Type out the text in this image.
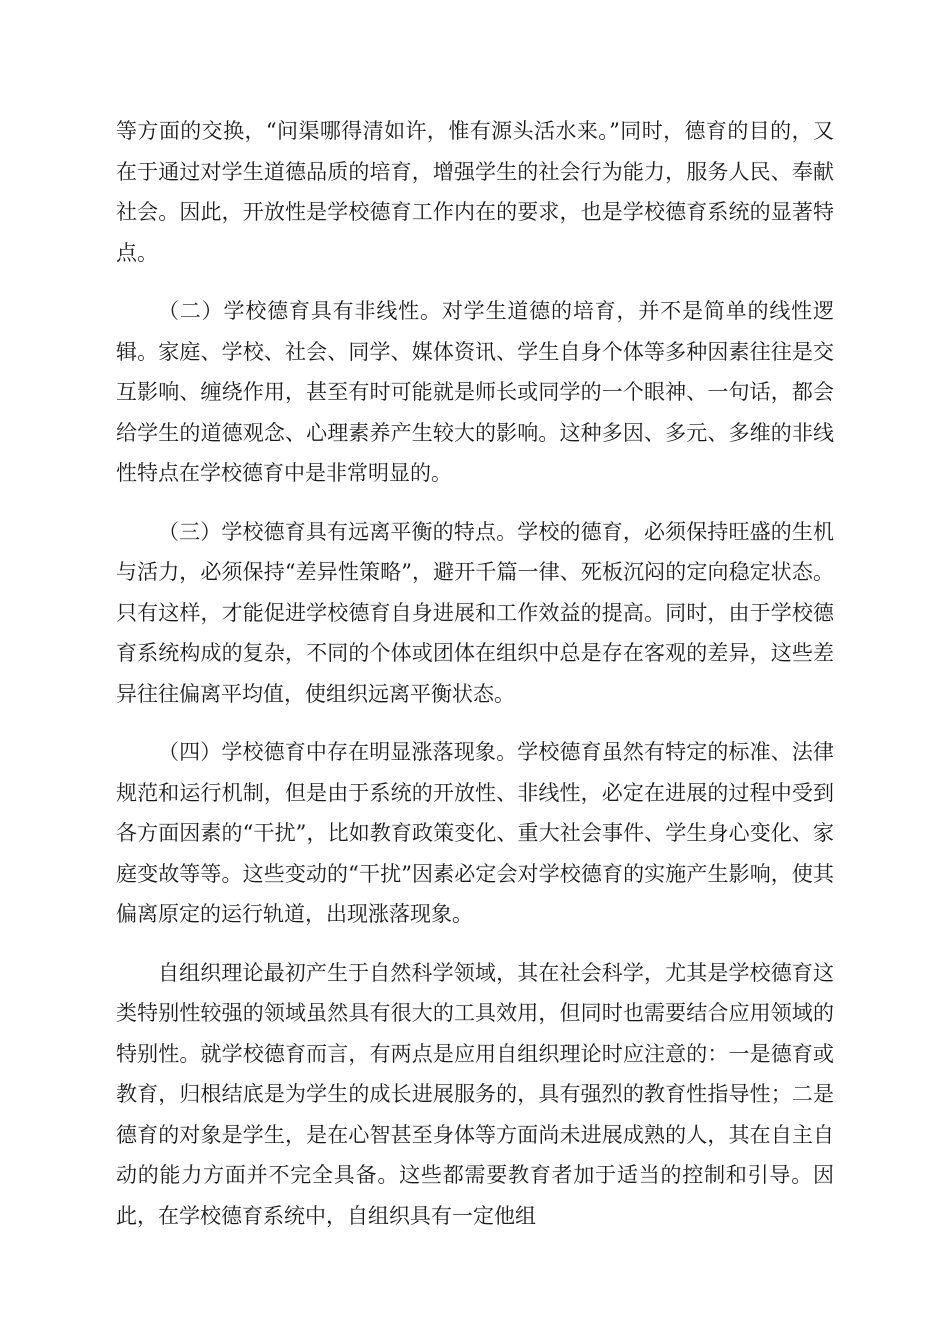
等方面的交换，“问渠哪得清如许，惟有源头活水来。”同时，德育的目的，又在于通过对学生道德品质的培育，增强学生的社会行为能力，服务人民、奉献社会。因此，开放性是学校德育工作内在的要求，也是学校德育系统的显著特点。

（二）学校德育具有非线性。对学生道德的培育，并不是简单的线性逻辑。家庭、学校、社会、同学、媒体资讯、学生自身个体等多种因素往往是交互影响、缠绕作用，甚至有时可能就是师长或同学的一个眼神、一句话，都会给学生的道德观念、心理素养产生较大的影响。这种多因、多元、多维的非线性特点在学校德育中是非常明显的。

（三）学校德育具有远离平衡的特点。学校的德育，必须保持旺盛的生机与活力，必须保持“差异性策略”，避开千篇一律、死板沉闷的定向稳定状态。只有这样，才能促进学校德育自身进展和工作效益的提高。同时，由于学校德育系统构成的复杂，不同的个体或团体在组织中总是存在客观的差异，这些差异往往偏离平均值，使组织远离平衡状态。

（四）学校德育中存在明显涨落现象。学校德育虽然有特定的标准、法律规范和运行机制，但是由于系统的开放性、非线性，必定在进展的过程中受到各方面因素的“干扰”，比如教育政策变化、重大社会事件、学生身心变化、家庭变故等等。这些变动的“干扰”因素必定会对学校德育的实施产生影响，使其偏离原定的运行轨道，出现涨落现象。

自组织理论最初产生于自然科学领域，其在社会科学，尤其是学校德育这类特别性较强的领域虽然具有很大的工具效用，但同时也需要结合应用领域的特别性。就学校德育而言，有两点是应用自组织理论时应注意的：一是德育或教育，归根结底是为学生的成长进展服务的，具有强烈的教育性指导性；二是德育的对象是学生，是在心智甚至身体等方面尚未进展成熟的人，其在自主自动的能力方面并不完全具备。这些都需要教育者加于适当的控制和引导。因此，在学校德育系统中，自组织具有一定他组
